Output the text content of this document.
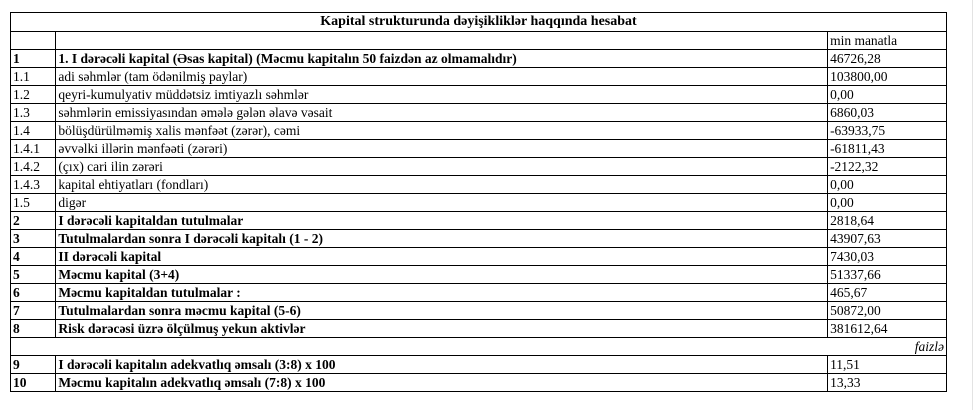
Kapital strukturunda dəyişikliklər haqqında hesabat		
		min manatla
1	1. I dərəcəli kapital (Əsas kapital) (Məcmu kapitalın 50 faizdən az olmamalıdır)	46726,28
1.1	adi səhmlər (tam ödənilmiş paylar)	103800,00
1.2	qeyri-kumulyativ müddətsiz imtiyazlı səhmlər	0,00
1.3	səhmlərin emissiyasından əmələ gələn əlavə vəsait	6860,03
1.4	bölüşdürülməmiş xalis mənfəət (zərər), cəmi	-63933,75
1.4.1	əvvəlki illərin mənfəəti (zərəri)	-61811,43
1.4.2	(çıx) cari ilin zərəri	-2122,32
1.4.3	kapital ehtiyatları (fondları)	0,00
1.5	digər	0,00
2	I dərəcəli kapitaldan tutulmalar	2818,64
3	Tutulmalardan sonra I dərəcəli kapitalı (1 - 2)	43907,63
4	II dərəcəli kapital	7430,03
5	Məcmu kapital (3+4)	51337,66
6	Məcmu kapitaldan tutulmalar :	465,67
7	Tutulmalardan sonra məcmu kapital (5-6)	50872,00
8	Risk dərəcəsi üzrə ölçülmuş yekun aktivlər	381612,64
faizlə		
9	I dərəcəli kapitalın adekvatlıq əmsalı (3:8) x 100	11,51
10	Məcmu kapitalın adekvatlıq əmsalı (7:8) x 100	13,33
